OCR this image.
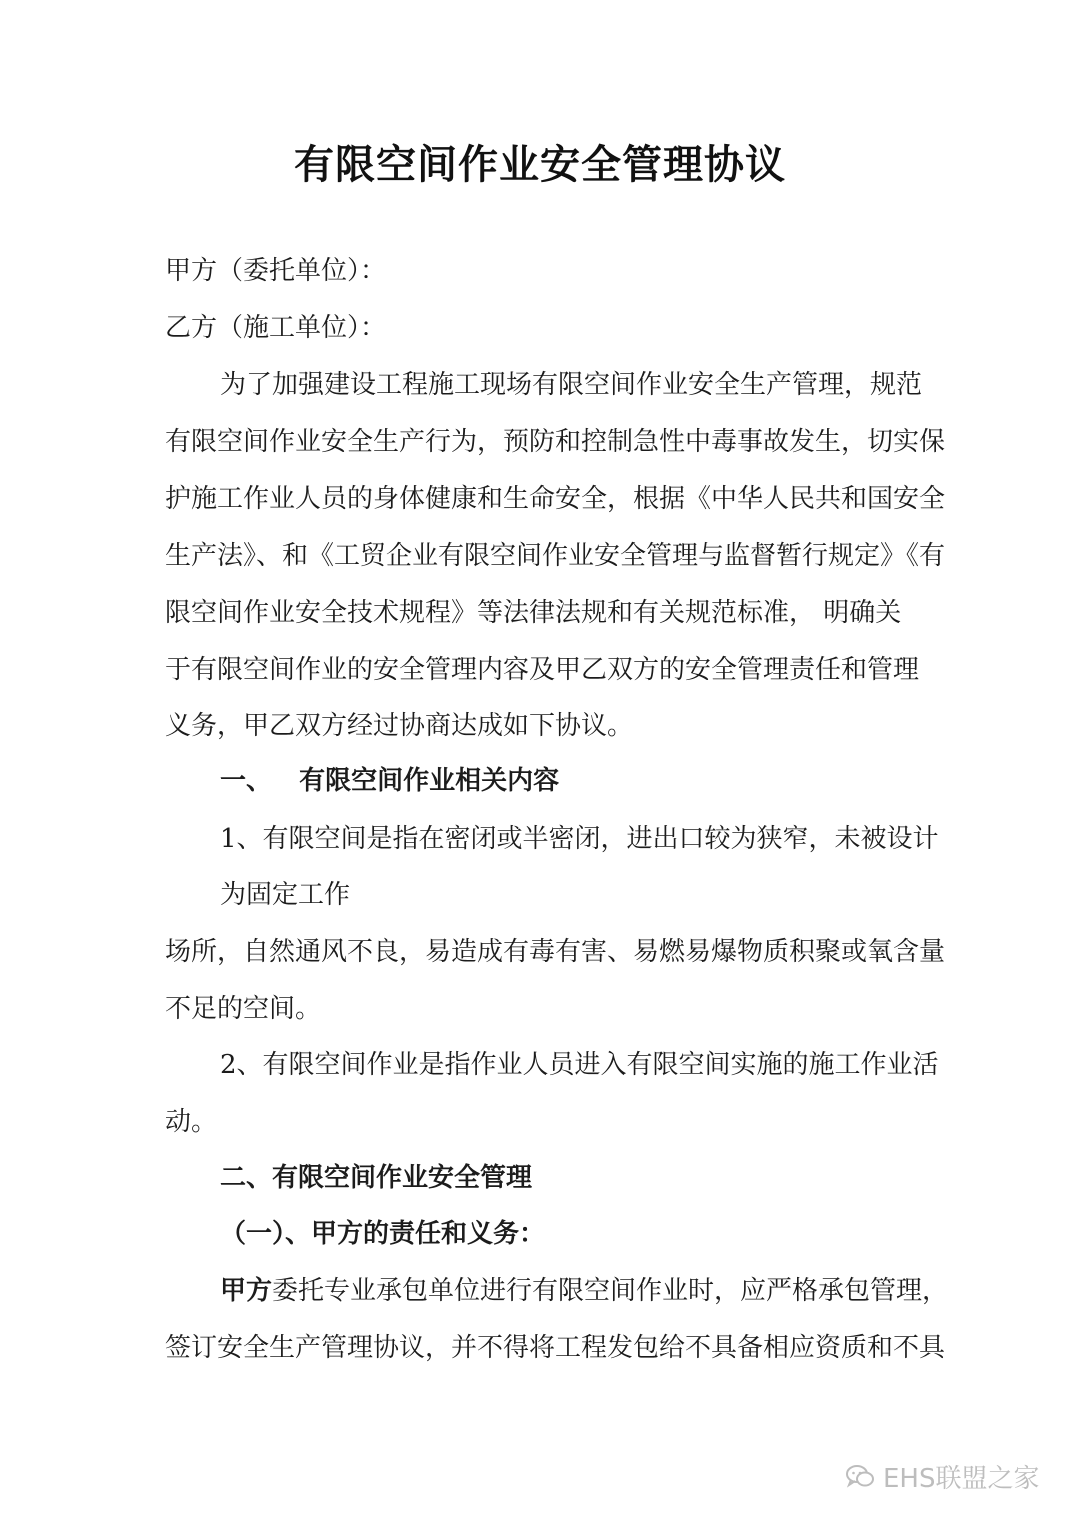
有限空间作业安全管理协议
甲方（委托单位）：
乙方（施工单位）：
为了加强建设工程施工现场有限空间作业安全生产管理，规范
有限空间作业安全生产行为，预防和控制急性中毒事故发生，切实保
护施工作业人员的身体健康和生命安全，根据《中华人民共和国安全
生产法》、和《工贸企业有限空间作业安全管理与监督暂行规定》《有
限空间作业安全技术规程》等法律法规和有关规范标准， 明确关
于有限空间作业的安全管理内容及甲乙双方的安全管理责任和管理
义务，甲乙双方经过协商达成如下协议。
一、   有限空间作业相关内容
1、有限空间是指在密闭或半密闭，进出口较为狭窄，未被设计
为固定工作
场所，自然通风不良，易造成有毒有害、易燃易爆物质积聚或氧含量
不足的空间。
2、有限空间作业是指作业人员进入有限空间实施的施工作业活
动。
二、有限空间作业安全管理
（一）、甲方的责任和义务：
甲方委托专业承包单位进行有限空间作业时，应严格承包管理，
签订安全生产管理协议，并不得将工程发包给不具备相应资质和不具
EHS联盟之家
